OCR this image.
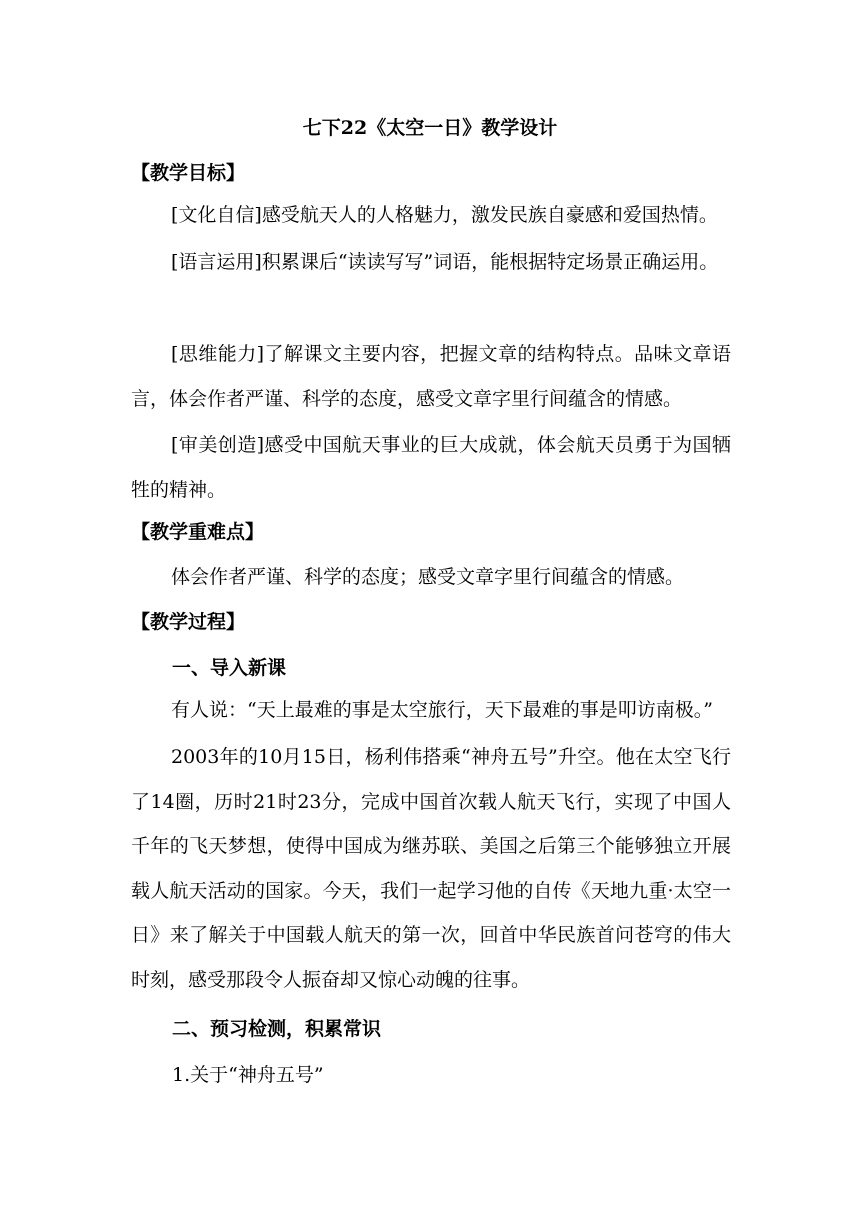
七下22《太空一日》教学设计
【教学目标】

[文化自信]感受航天人的人格魅力，激发民族自豪感和爱国热情。

[语言运用]积累课后“读读写写”词语，能根据特定场景正确运用。

[思维能力]了解课文主要内容，把握文章的结构特点。品味文章语言，体会作者严谨、科学的态度，感受文章字里行间蕴含的情感。

[审美创造]感受中国航天事业的巨大成就，体会航天员勇于为国牺牲的精神。

【教学重难点】

体会作者严谨、科学的态度；感受文章字里行间蕴含的情感。

【教学过程】
一、导入新课

有人说：“天上最难的事是太空旅行，天下最难的事是叩访南极。”

2003年的10月15日，杨利伟搭乘“神舟五号”升空。他在太空飞行了14圈，历时21时23分，完成中国首次载人航天飞行，实现了中国人千年的飞天梦想，使得中国成为继苏联、美国之后第三个能够独立开展载人航天活动的国家。今天，我们一起学习他的自传《天地九重·太空一日》来了解关于中国载人航天的第一次，回首中华民族首问苍穹的伟大时刻，感受那段令人振奋却又惊心动魄的往事。

二、预习检测，积累常识
1.关于“神舟五号”
